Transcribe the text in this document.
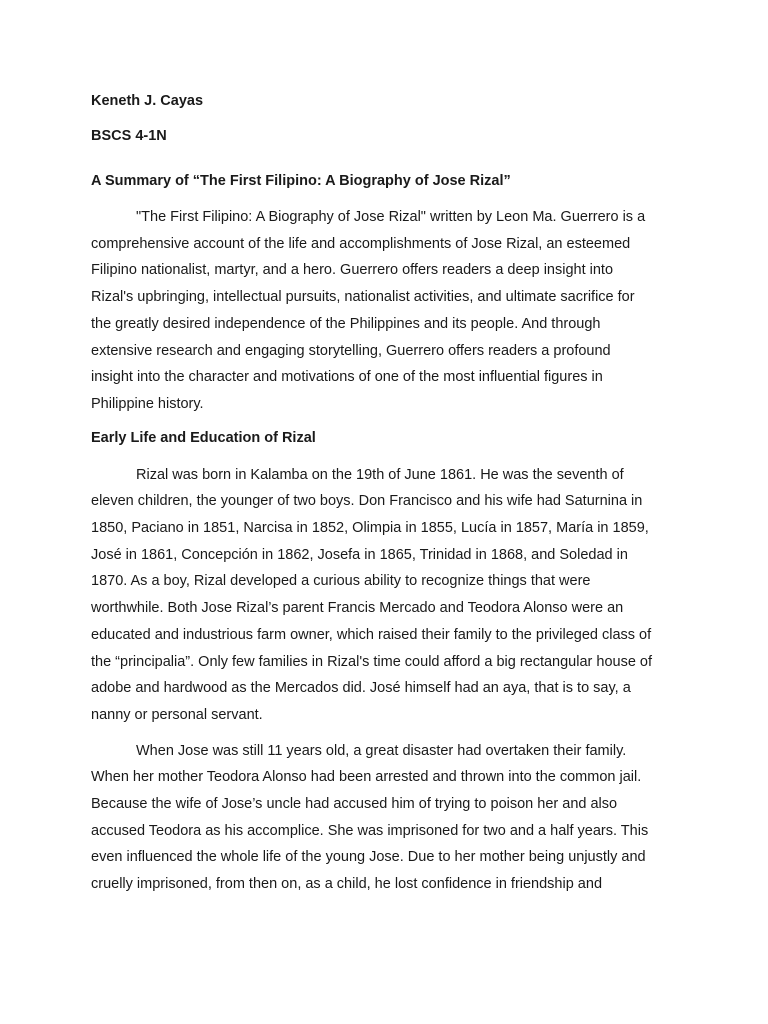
Keneth J. Cayas

BSCS 4-1N

A Summary of “The First Filipino: A Biography of Jose Rizal”

"The First Filipino: A Biography of Jose Rizal" written by Leon Ma. Guerrero is a
comprehensive account of the life and accomplishments of Jose Rizal, an esteemed
Filipino nationalist, martyr, and a hero. Guerrero offers readers a deep insight into
Rizal's upbringing, intellectual pursuits, nationalist activities, and ultimate sacrifice for
the greatly desired independence of the Philippines and its people. And through
extensive research and engaging storytelling, Guerrero offers readers a profound
insight into the character and motivations of one of the most influential figures in
Philippine history.

Early Life and Education of Rizal

Rizal was born in Kalamba on the 19th of June 1861. He was the seventh of
eleven children, the younger of two boys. Don Francisco and his wife had Saturnina in
1850, Paciano in 1851, Narcisa in 1852, Olimpia in 1855, Lucía in 1857, María in 1859,
José in 1861, Concepción in 1862, Josefa in 1865, Trinidad in 1868, and Soledad in
1870. As a boy, Rizal developed a curious ability to recognize things that were
worthwhile. Both Jose Rizal’s parent Francis Mercado and Teodora Alonso were an
educated and industrious farm owner, which raised their family to the privileged class of
the “principalia”. Only few families in Rizal's time could afford a big rectangular house of
adobe and hardwood as the Mercados did. José himself had an aya, that is to say, a
nanny or personal servant.

When Jose was still 11 years old, a great disaster had overtaken their family.
When her mother Teodora Alonso had been arrested and thrown into the common jail.
Because the wife of Jose’s uncle had accused him of trying to poison her and also
accused Teodora as his accomplice. She was imprisoned for two and a half years. This
even influenced the whole life of the young Jose. Due to her mother being unjustly and
cruelly imprisoned, from then on, as a child, he lost confidence in friendship and
